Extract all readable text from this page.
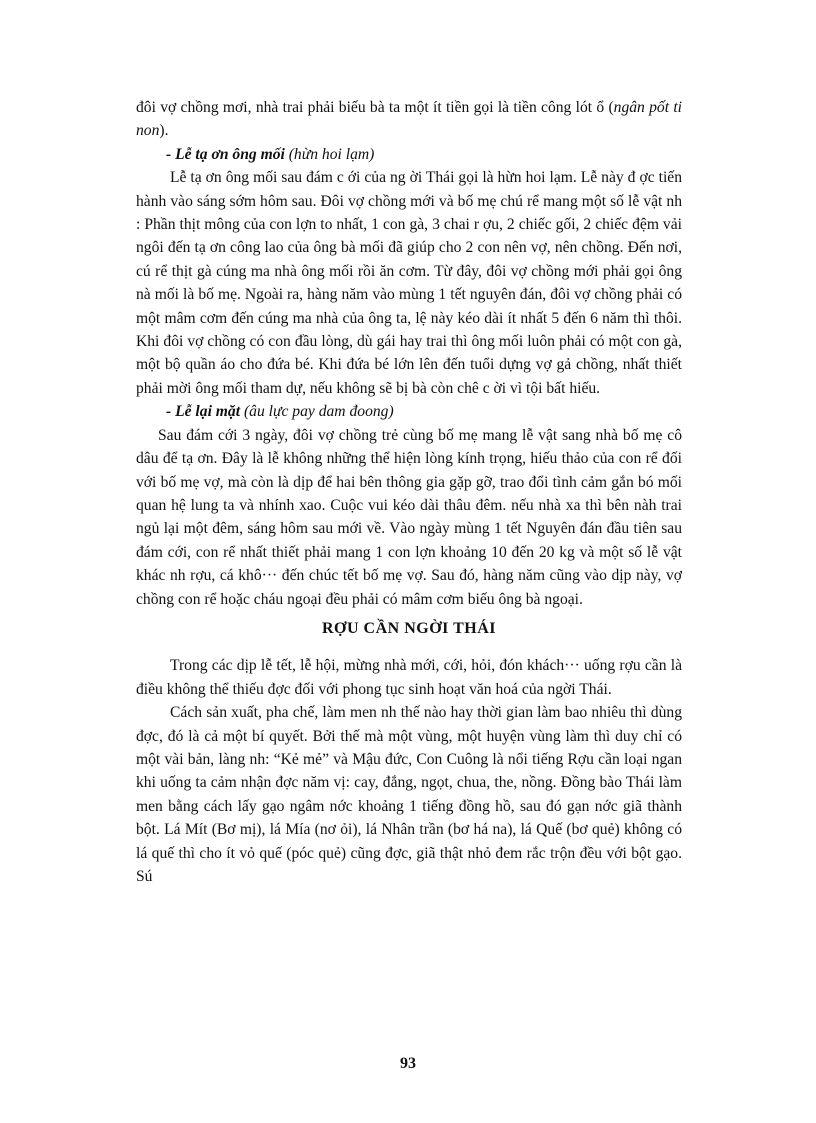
đôi vợ chồng mơi, nhà trai phải biếu bà ta một ít tiền gọi là tiền công lót ổ (ngân pốt ti non).

- Lễ tạ ơn ông mối (hừn hoi lạm)

Lễ tạ ơn ông mối sau đám c ới của ng ời Thái gọi là hừn hoi lạm. Lễ này đ ợc tiến hành vào sáng sớm hôm sau. Đôi vợ chồng mới và bố mẹ chú rể mang một số lễ vật nh : Phần thịt mông của con lợn to nhất, 1 con gà, 3 chai r ợu, 2 chiếc gối, 2 chiếc đệm vải ngôi đến tạ ơn công lao của ông bà mối đã giúp cho 2 con nên vợ, nên chồng. Đến nơi, cú rể thịt gà cúng ma nhà ông mối rồi ăn cơm. Từ đây, đôi vợ chồng mới phải gọi ông nà mối là bố mẹ. Ngoài ra, hàng năm vào mùng 1 tết nguyên đán, đôi vợ chồng phải có một mâm cơm đến cúng ma nhà của ông ta, lệ này kéo dài ít nhất 5 đến 6 năm thì thôi. Khi đôi vợ chồng có con đầu lòng, dù gái hay trai thì ông mối luôn phải có một con gà, một bộ quần áo cho đứa bé. Khi đứa bé lớn lên đến tuổi dựng vợ gả chồng, nhất thiết phải mời ông mối tham dự, nếu không sẽ bị bà còn chê c ời vì tội bất hiếu.

- Lễ lại mặt (âu lực pay dam đoong)

Sau đám cới 3 ngày, đôi vợ chồng trẻ cùng bố mẹ mang lễ vật sang nhà bố mẹ cô dâu để tạ ơn. Đây là lễ không những thể hiện lòng kính trọng, hiếu thảo của con rể đối với bố mẹ vợ, mà còn là dịp để hai bên thông gia gặp gỡ, trao đổi tình cảm gắn bó mối quan hệ lung ta và nhính xao. Cuộc vui kéo dài thâu đêm. nếu nhà xa thì bên nàh trai ngủ lại một đêm, sáng hôm sau mới về. Vào ngày mùng 1 tết Nguyên đán đầu tiên sau đám cới, con rể nhất thiết phải mang 1 con lợn khoảng 10 đến 20 kg và một số lễ vật khác nh rợu, cá khô··· đến chúc tết bố mẹ vợ. Sau đó, hàng năm cũng vào dịp này, vợ chồng con rể hoặc cháu ngoại đều phải có mâm cơm biếu ông bà ngoại.

RỢU CẦN NGỜI THÁI

Trong các dịp lễ tết, lễ hội, mừng nhà mới, cới, hỏi, đón khách··· uống rợu cần là điều không thể thiếu đợc đối với phong tục sinh hoạt văn hoá của ngời Thái.

Cách sản xuất, pha chế, làm men nh thế nào hay thời gian làm bao nhiêu thì dùng đợc, đó là cả một bí quyết. Bởi thế mà một vùng, một huyện vùng làm thì duy chỉ có một vài bản, làng nh: “Kẻ mẻ” và Mậu đức, Con Cuông là nổi tiếng Rợu cần loại ngan khi uống ta cảm nhận đợc năm vị: cay, đắng, ngọt, chua, the, nồng. Đồng bào Thái làm men bằng cách lấy gạo ngâm nớc khoảng 1 tiếng đồng hồ, sau đó gạn nớc giã thành bột. Lá Mít (Bơ mị), lá Mía (nơ ỏi), lá Nhân trần (bơ há na), lá Quế (bơ quẻ) không có lá quế thì cho ít vỏ quế (póc quẻ) cũng đợc, giã thật nhỏ đem rắc trộn đều với bột gạo. Sú

93
